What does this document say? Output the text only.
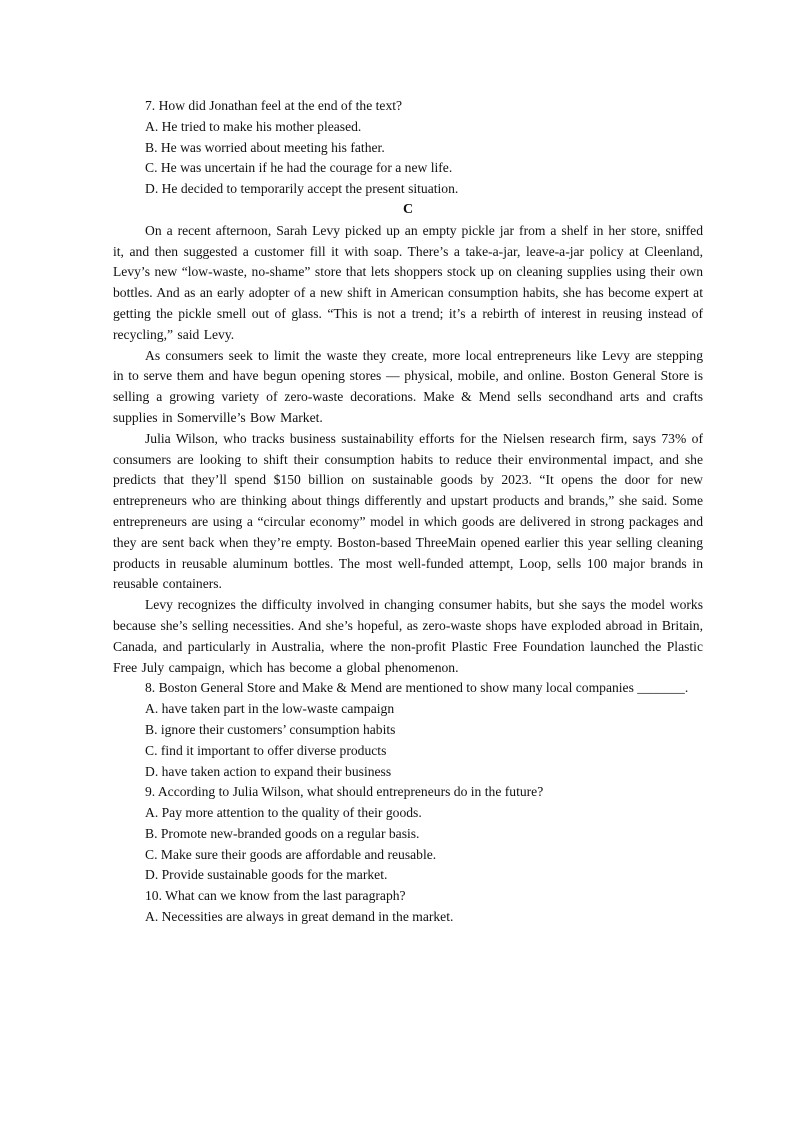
7. How did Jonathan feel at the end of the text?

A. He tried to make his mother pleased.

B. He was worried about meeting his father.

C. He was uncertain if he had the courage for a new life.

D. He decided to temporarily accept the present situation.

C

On a recent afternoon, Sarah Levy picked up an empty pickle jar from a shelf in her store, sniffed it, and then suggested a customer fill it with soap. There’s a take-a-jar, leave-a-jar policy at Cleenland, Levy’s new “low-waste, no-shame” store that lets shoppers stock up on cleaning supplies using their own bottles. And as an early adopter of a new shift in American consumption habits, she has become expert at getting the pickle smell out of glass. “This is not a trend; it’s a rebirth of interest in reusing instead of recycling,” said Levy.

As consumers seek to limit the waste they create, more local entrepreneurs like Levy are stepping in to serve them and have begun opening stores — physical, mobile, and online. Boston General Store is selling a growing variety of zero-waste decorations. Make & Mend sells secondhand arts and crafts supplies in Somerville’s Bow Market.

Julia Wilson, who tracks business sustainability efforts for the Nielsen research firm, says 73% of consumers are looking to shift their consumption habits to reduce their environmental impact, and she predicts that they’ll spend $150 billion on sustainable goods by 2023. “It opens the door for new entrepreneurs who are thinking about things differently and upstart products and brands,” she said. Some entrepreneurs are using a “circular economy” model in which goods are delivered in strong packages and they are sent back when they’re empty. Boston-based ThreeMain opened earlier this year selling cleaning products in reusable aluminum bottles. The most well-funded attempt, Loop, sells 100 major brands in reusable containers.

Levy recognizes the difficulty involved in changing consumer habits, but she says the model works because she’s selling necessities. And she’s hopeful, as zero-waste shops have exploded abroad in Britain, Canada, and particularly in Australia, where the non-profit Plastic Free Foundation launched the Plastic Free July campaign, which has become a global phenomenon.

8. Boston General Store and Make & Mend are mentioned to show many local companies _______.

A. have taken part in the low-waste campaign

B. ignore their customers’ consumption habits

C. find it important to offer diverse products

D. have taken action to expand their business

9. According to Julia Wilson, what should entrepreneurs do in the future?

A. Pay more attention to the quality of their goods.

B. Promote new-branded goods on a regular basis.

C. Make sure their goods are affordable and reusable.

D. Provide sustainable goods for the market.

10. What can we know from the last paragraph?

A. Necessities are always in great demand in the market.
